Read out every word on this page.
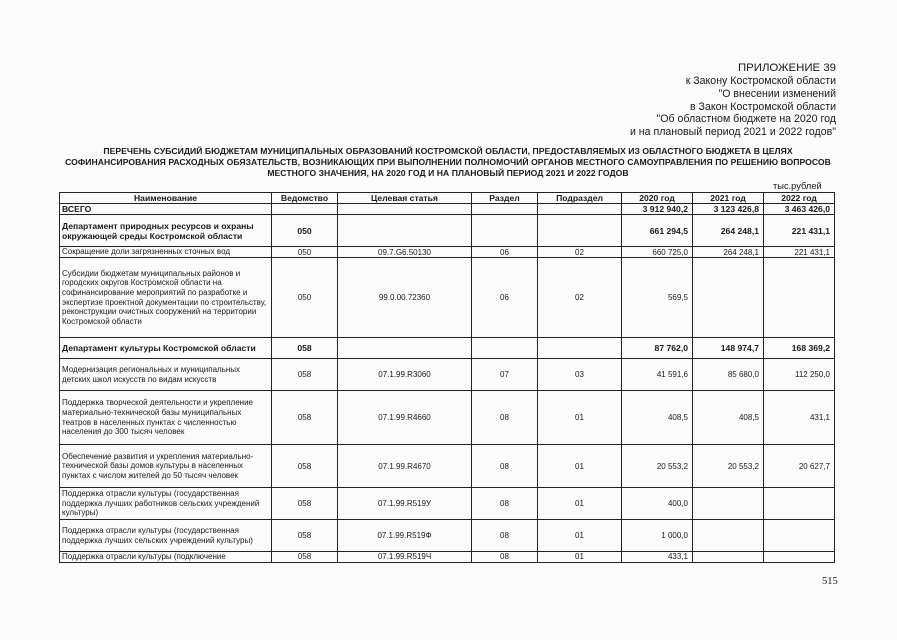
ПРИЛОЖЕНИЕ 39
к Закону Костромской области
"О внесении изменений
в Закон Костромской области
"Об областном бюджете на 2020 год
и на плановый период 2021 и 2022 годов"
ПЕРЕЧЕНЬ СУБСИДИЙ БЮДЖЕТАМ МУНИЦИПАЛЬНЫХ ОБРАЗОВАНИЙ КОСТРОМСКОЙ ОБЛАСТИ, ПРЕДОСТАВЛЯЕМЫХ ИЗ ОБЛАСТНОГО БЮДЖЕТА В ЦЕЛЯХ СОФИНАНСИРОВАНИЯ РАСХОДНЫХ ОБЯЗАТЕЛЬСТВ, ВОЗНИКАЮЩИХ ПРИ ВЫПОЛНЕНИИ ПОЛНОМОЧИЙ ОРГАНОВ МЕСТНОГО САМОУПРАВЛЕНИЯ ПО РЕШЕНИЮ ВОПРОСОВ МЕСТНОГО ЗНАЧЕНИЯ, НА 2020 ГОД И НА ПЛАНОВЫЙ ПЕРИОД 2021 И 2022 ГОДОВ
тыс.рублей
Наименование	Ведомство	Целевая статья	Раздел	Подраздел	2020 год	2021 год	2022 год
ВСЕГО					3 912 940,2	3 123 426,8	3 463 426,0
Департамент природных ресурсов и охраны окружающей среды Костромской области	050				661 294,5	264 248,1	221 431,1
Сокращение доли загрязненных сточных вод	050	09.7.G6.50130	06	02	660 725,0	264 248,1	221 431,1
Субсидии бюджетам муниципальных районов и городских округов Костромской области на софинансирование мероприятий по разработке и экспертизе проектной документации по строительству, реконструкции очистных сооружений на территории Костромской области	050	99.0.00.72360	06	02	569,5		
Департамент культуры Костромской области	058				87 762,0	148 974,7	168 369,2
Модернизация региональных и муниципальных детских школ искусств по видам искусств	058	07.1.99.R3060	07	03	41 591,6	85 680,0	112 250,0
Поддержка творческой деятельности и укрепление материально-технической базы муниципальных театров в населенных пунктах с численностью населения до 300 тысяч человек	058	07.1.99.R4660	08	01	408,5	408,5	431,1
Обеспечение развития и укрепления материально-технической базы домов культуры в населенных пунктах с числом жителей до 50 тысяч человек	058	07.1.99.R4670	08	01	20 553,2	20 553,2	20 627,7
Поддержка отрасли культуры (государственная поддержка лучших работников сельских учреждений культуры)	058	07.1.99.R519У	08	01	400,0		
Поддержка отрасли культуры (государственная поддержка лучших сельских учреждений культуры)	058	07.1.99.R519Ф	08	01	1 000,0		
Поддержка отрасли культуры (подключение	058	07.1.99.R519Ч	08	01	433,1		
515
